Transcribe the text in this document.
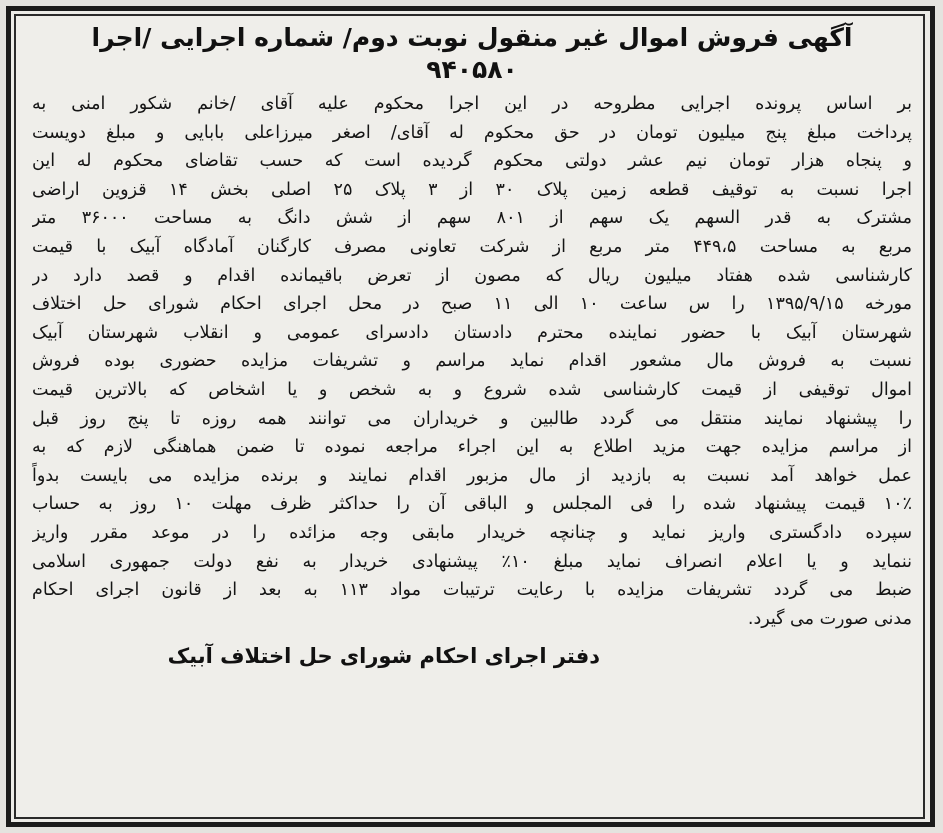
آگهی فروش اموال غیر منقول نوبت دوم/ شماره اجرایی /اجرا
۹۴۰۵۸۰
بر اساس پرونده اجرایی مطروحه در این اجرا محکوم علیه آقای /خانم شکور امنی به
پرداخت مبلغ پنج میلیون تومان در حق محکوم له آقای/ اصغر میرزاعلی بابایی و مبلغ دویست
و پنجاه هزار تومان نیم عشر دولتی محکوم گردیده است که حسب تقاضای محکوم له این
اجرا نسبت به توقیف قطعه زمین پلاک ۳۰ از ۳ پلاک ۲۵ اصلی بخش ۱۴ قزوین اراضی
مشترک به قدر السهم یک سهم از ۸۰۱ سهم از شش دانگ به مساحت ۳۶۰۰۰ متر
مربع به مساحت ۴۴۹،۵ متر مربع از شرکت تعاونی مصرف کارگنان آمادگاه آبیک با قیمت
کارشناسی شده هفتاد میلیون ریال که مصون از تعرض باقیمانده اقدام و قصد دارد در
مورخه ۱۳۹۵/۹/۱۵ را س ساعت ۱۰ الی ۱۱ صبح در محل اجرای احکام شورای حل اختلاف
شهرستان آبیک با حضور نماینده محترم دادستان دادسرای عمومی و انقلاب شهرستان آبیک
نسبت به فروش مال مشعور اقدام نماید مراسم و تشریفات مزایده حضوری بوده فروش
اموال توقیفی از قیمت کارشناسی شده شروع و به شخص و یا اشخاص که بالاترین قیمت
را پیشنهاد نمایند منتقل می گردد طالبین و خریداران می توانند همه روزه تا پنج روز قبل
از مراسم مزایده جهت مزید اطلاع به این اجراء مراجعه نموده تا ضمن هماهنگی لازم که به
عمل خواهد آمد نسبت به بازدید از مال مزبور اقدام نمایند و برنده مزایده می بایست بدواً
۱۰٪ قیمت پیشنهاد شده را فی المجلس و الباقی آن را حداکثر ظرف مهلت ۱۰ روز به حساب
سپرده دادگستری واریز نماید و چنانچه خریدار مابقی وجه مزائده را در موعد مقرر واریز
ننماید و یا اعلام انصراف نماید مبلغ ۱۰٪ پیشنهادی خریدار به نفع دولت جمهوری اسلامی
ضبط می گردد تشریفات مزایده با رعایت ترتیبات مواد ۱۱۳ به بعد از قانون اجرای احکام
مدنی صورت می گیرد.
دفتر اجرای احکام شورای حل اختلاف آبیک
